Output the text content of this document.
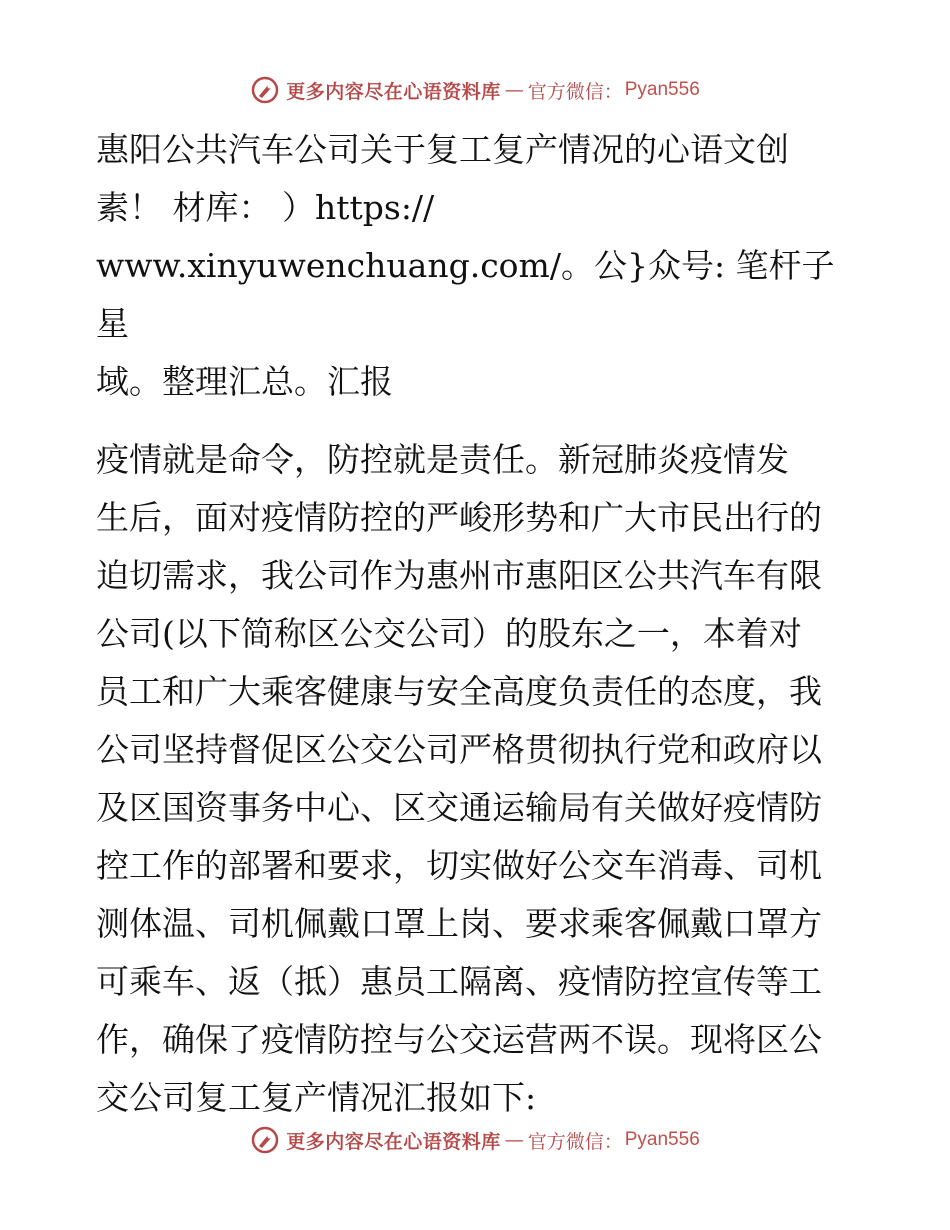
更多内容尽在心语资料库 — 官方微信： Pyan556

惠阳公共汽车公司关于复工复产情况的心语文创
素！ 材库： ）https://
www.xinyuwenchuang.com/。公}众号: 笔杆子星
域。整理汇总。汇报

疫情就是命令，防控就是责任。新冠肺炎疫情发
生后，面对疫情防控的严峻形势和广大市民出行的
迫切需求，我公司作为惠州市惠阳区公共汽车有限
公司(以下简称区公交公司）的股东之一，本着对
员工和广大乘客健康与安全高度负责任的态度，我
公司坚持督促区公交公司严格贯彻执行党和政府以
及区国资事务中心、区交通运输局有关做好疫情防
控工作的部署和要求，切实做好公交车消毒、司机
测体温、司机佩戴口罩上岗、要求乘客佩戴口罩方
可乘车、返（抵）惠员工隔离、疫情防控宣传等工
作，确保了疫情防控与公交运营两不误。现将区公
交公司复工复产情况汇报如下:

更多内容尽在心语资料库 — 官方微信： Pyan556
